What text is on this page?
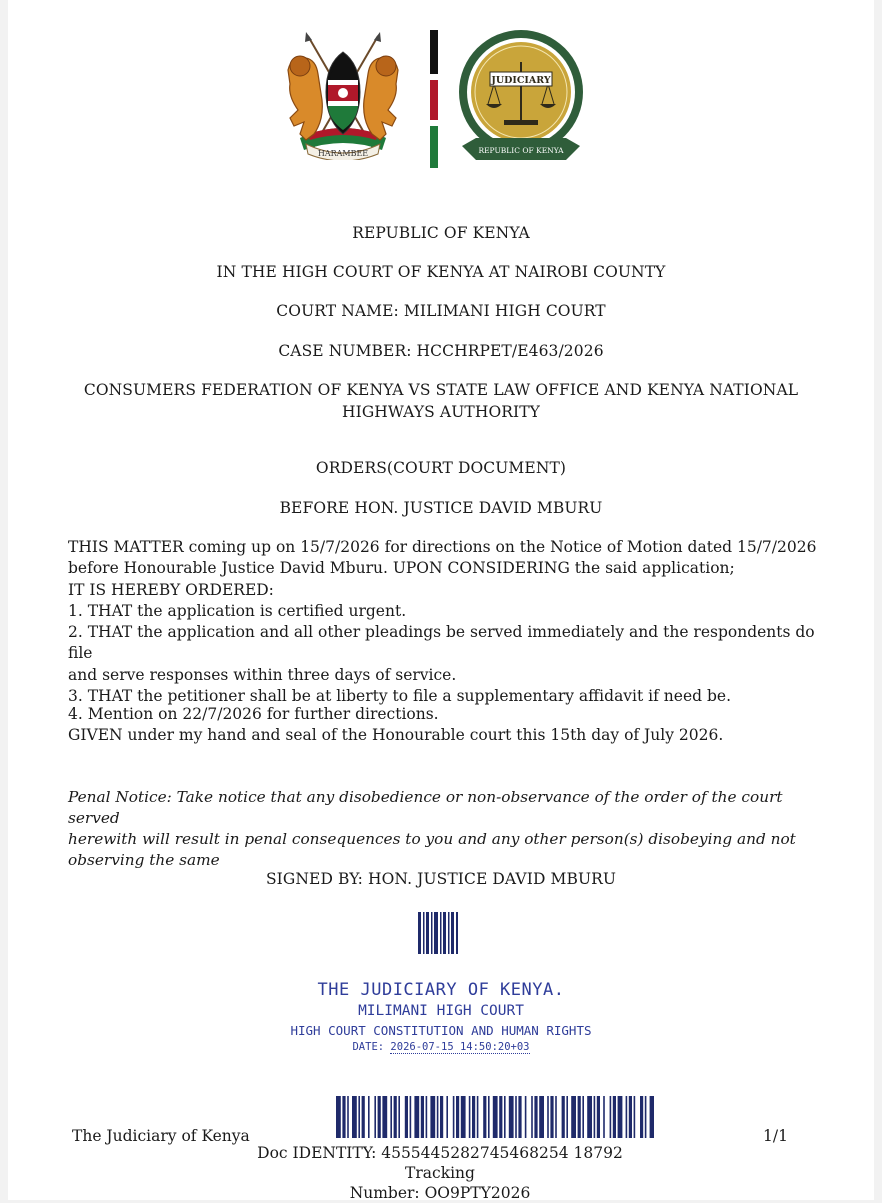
HARAMBEE
JUDICIARY
REPUBLIC OF KENYA
REPUBLIC OF KENYA
IN THE HIGH COURT OF KENYA AT NAIROBI COUNTY
COURT NAME: MILIMANI HIGH COURT
CASE NUMBER: HCCHRPET/E463/2026
CONSUMERS FEDERATION OF KENYA VS STATE LAW OFFICE AND KENYA NATIONAL
HIGHWAYS AUTHORITY
ORDERS(COURT DOCUMENT)
BEFORE HON. JUSTICE DAVID MBURU

THIS MATTER coming up on 15/7/2026 for directions on the Notice of Motion dated 15/7/2026

before Honourable Justice David Mburu. UPON CONSIDERING the said application;

IT IS HEREBY ORDERED:

1. THAT the application is certified urgent.

2. THAT the application and all other pleadings be served immediately and the respondents do file

and serve responses within three days of service.

3. THAT the petitioner shall be at liberty to file a supplementary affidavit if need be.

4. Mention on 22/7/2026 for further directions.

GIVEN under my hand and seal of the Honourable court this 15th day of July 2026.

Penal Notice: Take notice that any disobedience or non-observance of the order of the court served
herewith will result in penal consequences to you and any other person(s) disobeying and not
observing the same
SIGNED BY: HON. JUSTICE DAVID MBURU
THE JUDICIARY OF KENYA.
MILIMANI HIGH COURT
HIGH COURT CONSTITUTION AND HUMAN RIGHTS
DATE: 2026-07-15 14:50:20+03
The Judiciary of Kenya	1/1
Doc IDENTITY: 4555445282745468254 18792 Tracking
Number: OO9PTY2026
